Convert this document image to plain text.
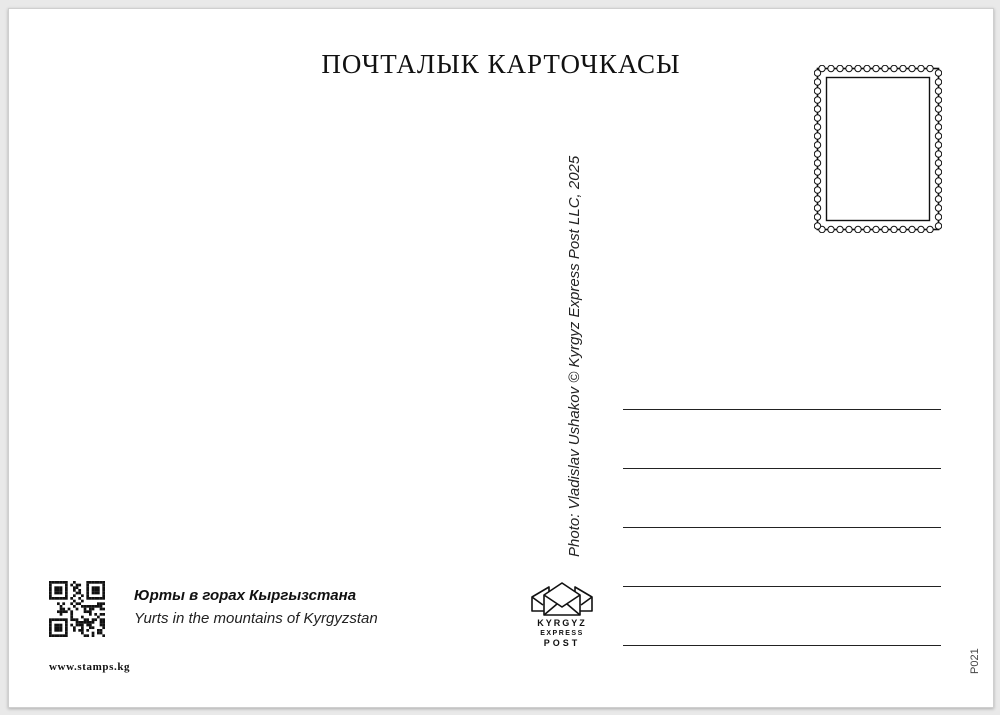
ПОЧТАЛЫК КАРТОЧКАСЫ
Photo: Vladislav Ushakov © Kyrgyz Express Post LLC, 2025
Юрты в горах Кыргызстана
Yurts in the mountains of Kyrgyzstan
www.stamps.kg
KYRGYZ
EXPRESS
POST
P021
